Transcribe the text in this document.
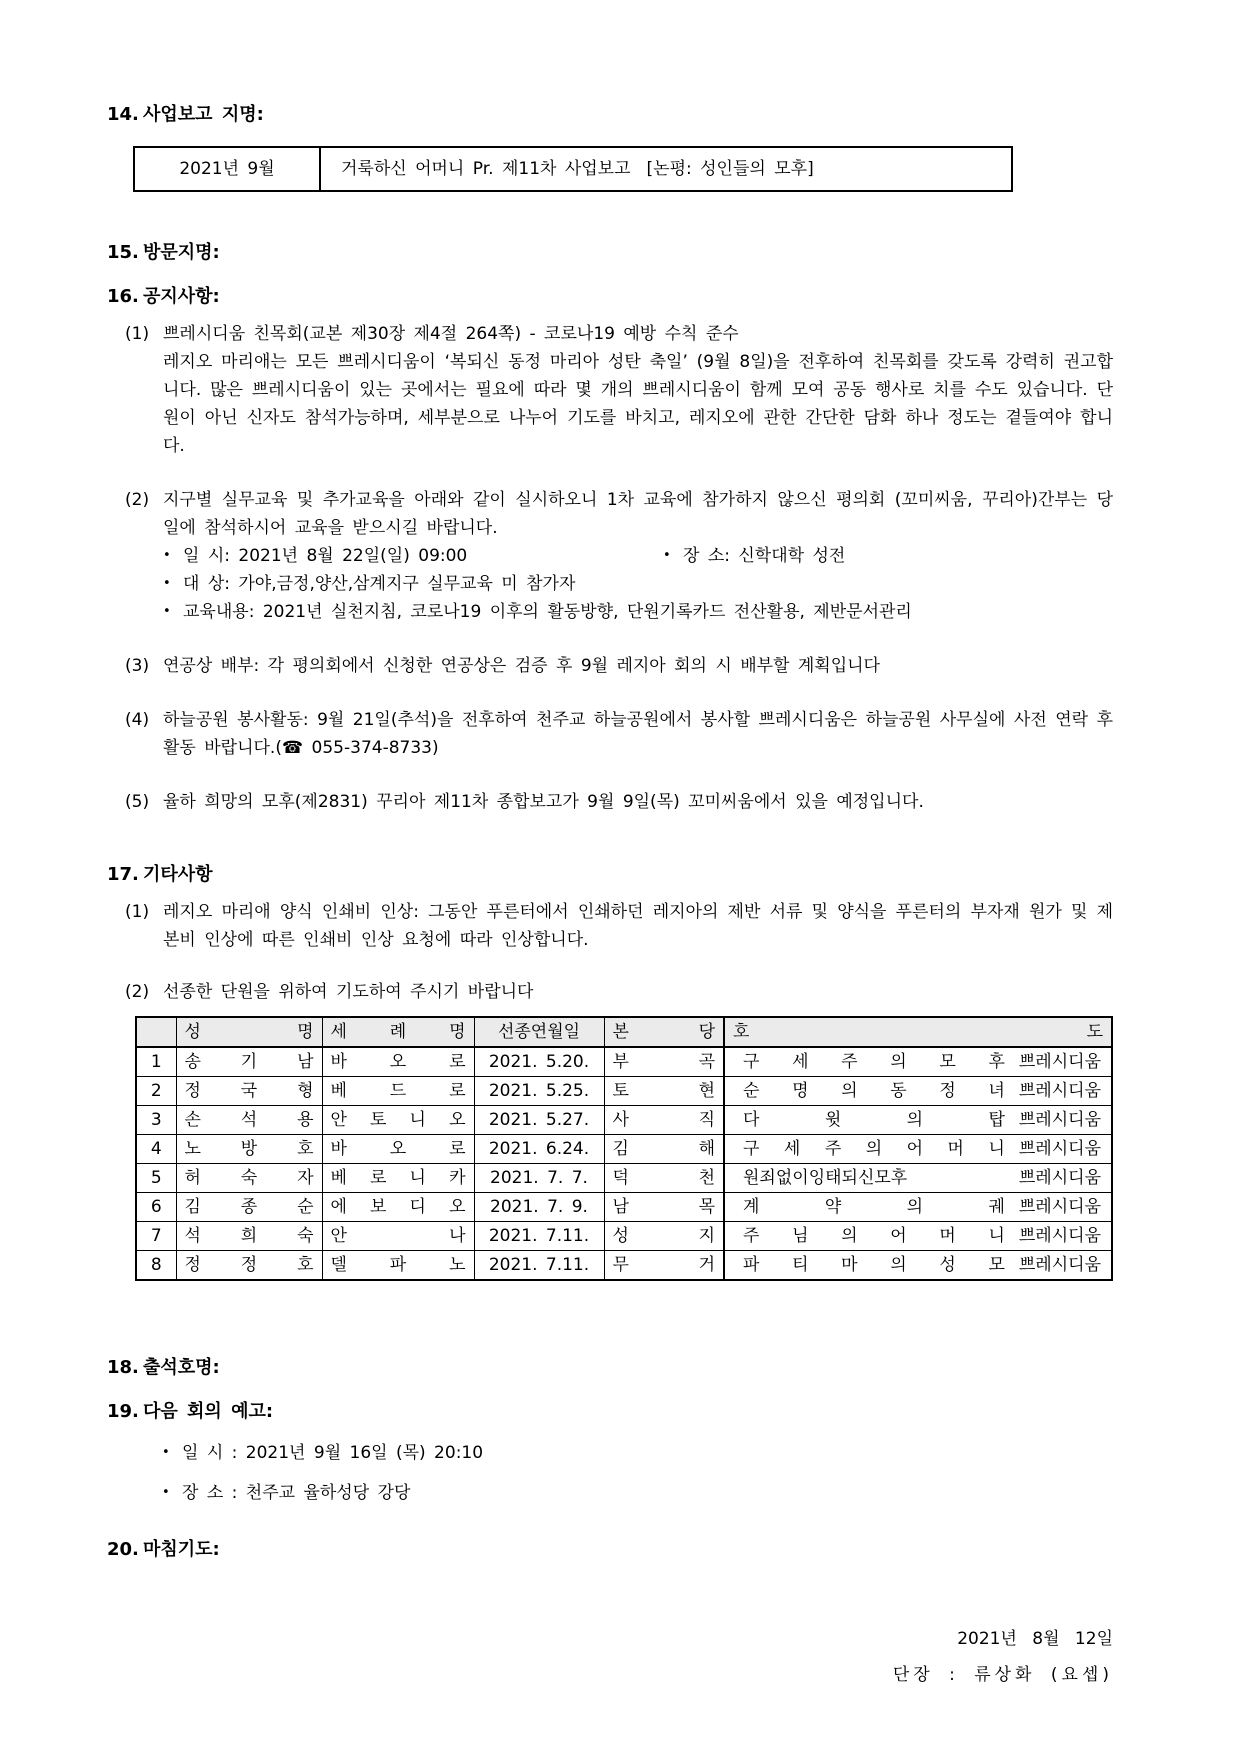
14. 사업보고 지명:
2021년 9월	거룩하신 어머니 Pr. 제11차 사업보고 [논평: 성인들의 모후]
15. 방문지명:
16. 공지사항:
(1) 쁘레시디움 친목회(교본 제30장 제4절 264쪽) - 코로나19 예방 수칙 준수
레지오 마리애는 모든 쁘레시디움이 ‘복되신 동정 마리아 성탄 축일’ (9월 8일)을 전후하여 친목회를 갖도록 강력히 권고합니다. 많은 쁘레시디움이 있는 곳에서는 필요에 따라 몇 개의 쁘레시디움이 함께 모여 공동 행사로 치를 수도 있습니다. 단원이 아닌 신자도 참석가능하며, 세부분으로 나누어 기도를 바치고, 레지오에 관한 간단한 담화 하나 정도는 곁들여야 합니다.
(2) 지구별 실무교육 및 추가교육을 아래와 같이 실시하오니 1차 교육에 참가하지 않으신 평의회 (꼬미씨움, 꾸리아)간부는 당일에 참석하시어 교육을 받으시길 바랍니다.
• 일 시: 2021년 8월 22일(일) 09:00	• 장 소: 신학대학 성전
• 대 상: 가야,금정,양산,삼계지구 실무교육 미 참가자
• 교육내용: 2021년 실천지침, 코로나19 이후의 활동방향, 단원기록카드 전산활용, 제반문서관리
(3) 연공상 배부: 각 평의회에서 신청한 연공상은 검증 후 9월 레지아 회의 시 배부할 계획입니다
(4) 하늘공원 봉사활동: 9월 21일(추석)을 전후하여 천주교 하늘공원에서 봉사할 쁘레시디움은 하늘공원 사무실에 사전 연락 후 활동 바랍니다.(☎ 055-374-8733)
(5) 율하 희망의 모후(제2831) 꾸리아 제11차 종합보고가 9월 9일(목) 꼬미씨움에서 있을 예정입니다.
17. 기타사항
(1) 레지오 마리애 양식 인쇄비 인상: 그동안 푸른터에서 인쇄하던 레지아의 제반 서류 및 양식을 푸른터의 부자재 원가 및 제본비 인상에 따른 인쇄비 인상 요청에 따라 인상합니다.
(2) 선종한 단원을 위하여 기도하여 주시기 바랍니다
	성 명	세 례 명	선종연월일	본 당	호 도
1	송 기 남	바 오 로	2021. 5.20.	부 곡	구 세 주 의 모 후 쁘레시디움

2	정 국 형	베 드 로	2021. 5.25.	토 현	순 명 의 동 정 녀 쁘레시디움

3	손 석 용	안 토 니 오	2021. 5.27.	사 직	다 윗 의 탑 쁘레시디움

4	노 방 호	바 오 로	2021. 6.24.	김 해	구 세 주 의 어 머 니 쁘레시디움

5	허 숙 자	베 로 니 카	2021. 7. 7.	덕 천	원죄없이잉태되신모후 쁘레시디움

6	김 종 순	에 보 디 오	2021. 7. 9.	남 목	계 약 의 궤 쁘레시디움

7	석 희 숙	안 나	2021. 7.11.	성 지	주 님 의 어 머 니 쁘레시디움

8	정 정 호	델 파 노	2021. 7.11.	무 거	파 티 마 의 성 모 쁘레시디움
18. 출석호명:
19. 다음 회의 예고:
• 일 시 : 2021년 9월 16일 (목) 20:10
• 장 소 : 천주교 율하성당 강당
20. 마침기도:
2021년 8월 12일
단장 : 류상화 (요셉)
